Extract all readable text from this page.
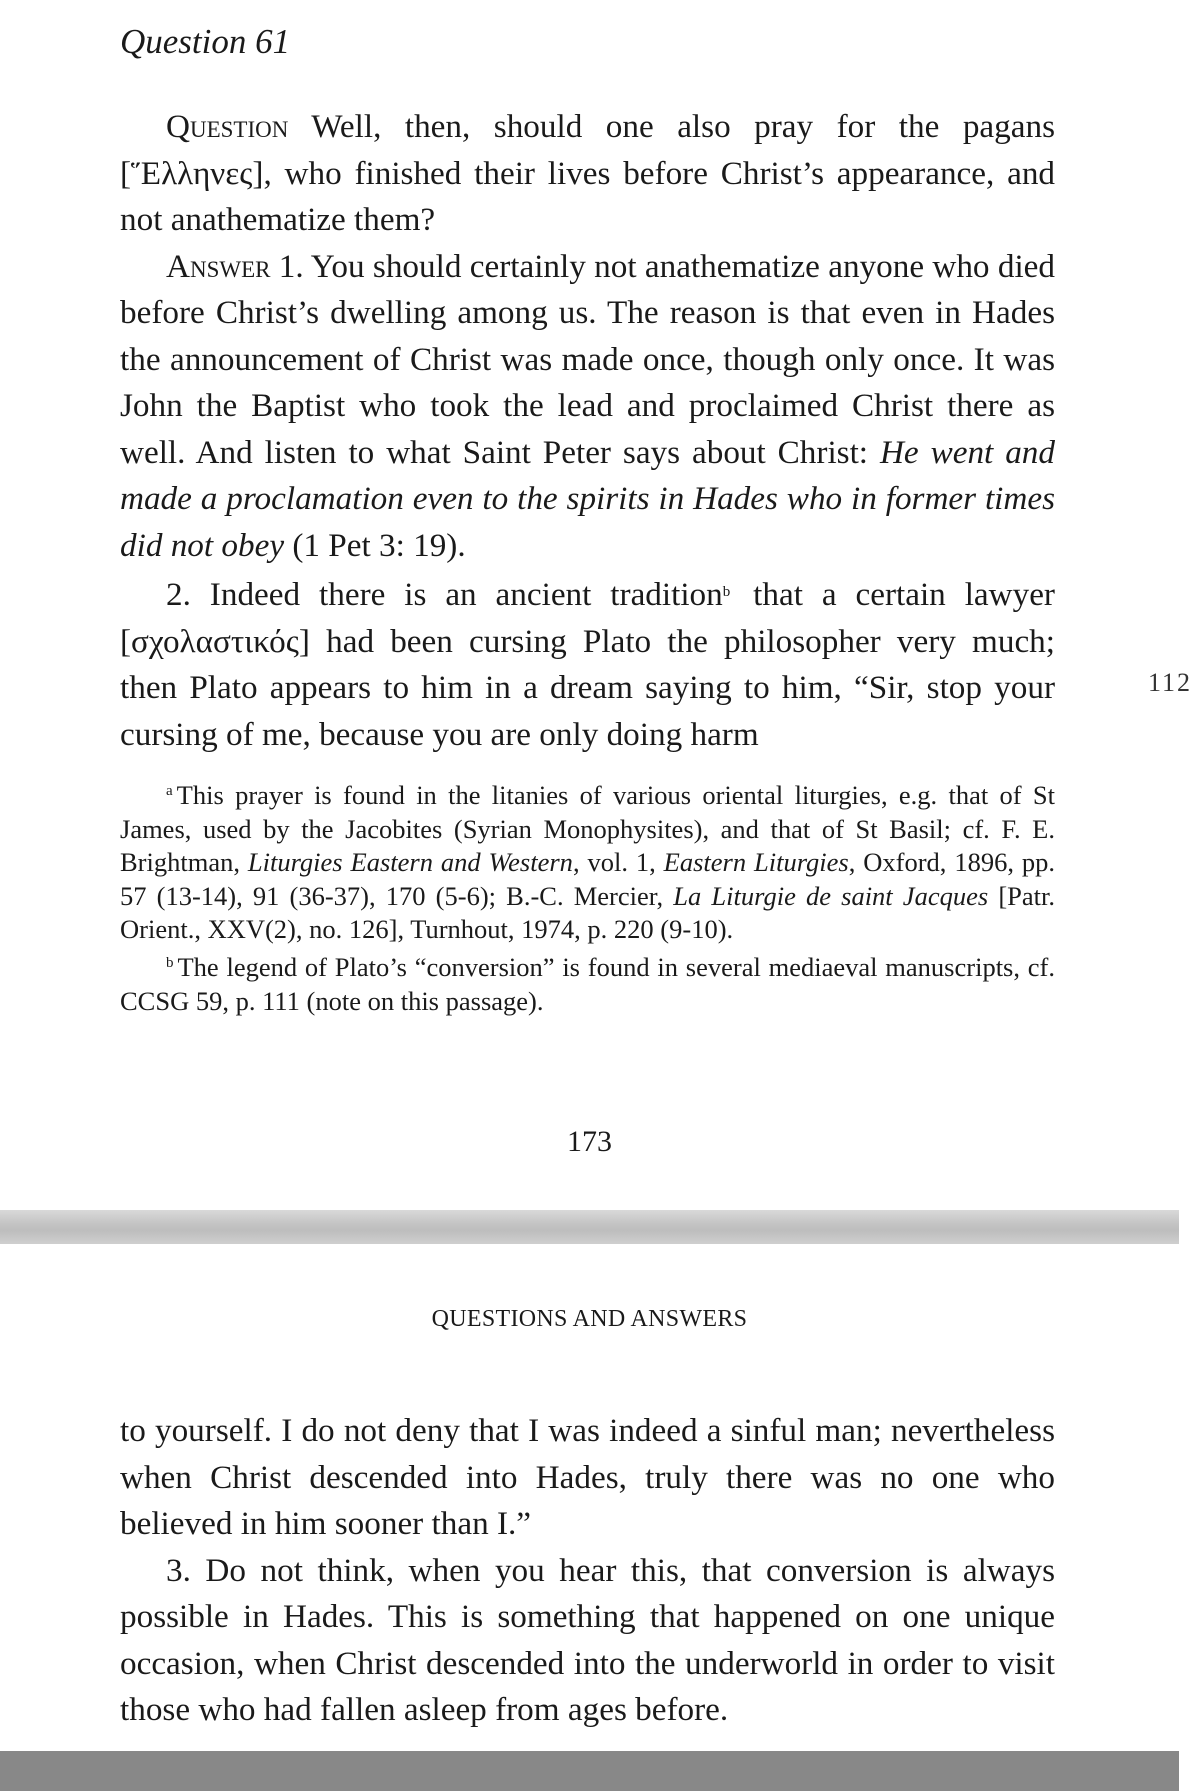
Question 61

Question Well, then, should one also pray for the pagans [Ἕλληνες], who finished their lives before Christ’s appearance, and not anathematize them?

Answer 1. You should certainly not anathematize anyone who died before Christ’s dwelling among us. The reason is that even in Hades the announcement of Christ was made once, though only once. It was John the Baptist who took the lead and proclaimed Christ there as well. And listen to what Saint Peter says about Christ: He went and made a proclamation even to the spirits in Hades who in former times did not obey (1 Pet 3: 19).

2. Indeed there is an ancient tradition$^b$ that a certain lawyer [σχολαστικός] had been cursing Plato the philosopher very much; then Plato appears to him in a dream saying to him, “Sir, stop your cursing of me, because you are only doing harm

112

$^a$ This prayer is found in the litanies of various oriental liturgies, e.g. that of St James, used by the Jacobites (Syrian Monophysites), and that of St Basil; cf. F. E. Brightman, Liturgies Eastern and Western, vol. 1, Eastern Liturgies, Oxford, 1896, pp. 57 (13-14), 91 (36-37), 170 (5-6); B.-C. Mercier, La Liturgie de saint Jacques [Patr. Orient., XXV(2), no. 126], Turnhout, 1974, p. 220 (9-10).

$^b$ The legend of Plato’s “conversion” is found in several mediaeval manuscripts, cf. CCSG 59, p. 111 (note on this passage).

173
QUESTIONS AND ANSWERS

to yourself. I do not deny that I was indeed a sinful man; nevertheless when Christ descended into Hades, truly there was no one who believed in him sooner than I.”

3. Do not think, when you hear this, that conversion is always possible in Hades. This is something that happened on one unique occasion, when Christ descended into the underworld in order to visit those who had fallen asleep from ages before.
